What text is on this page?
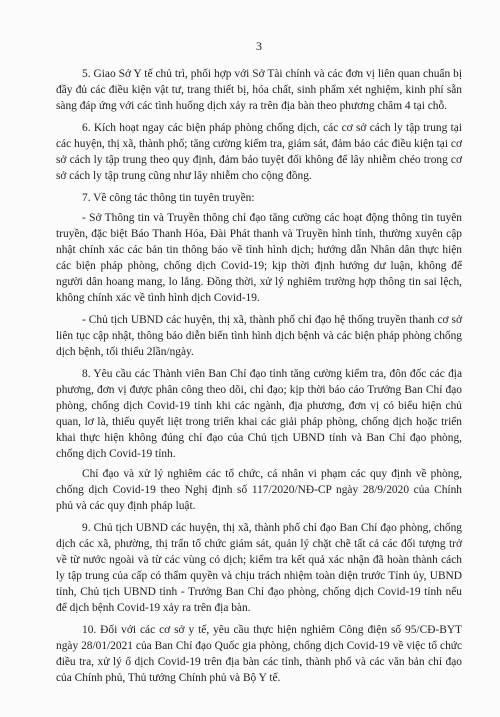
3

5. Giao Sở Y tế chủ trì, phối hợp với Sở Tài chính và các đơn vị liên quan chuẩn bị đầy đủ các điều kiện vật tư, trang thiết bị, hóa chất, sinh phẩm xét nghiệm, kinh phí sẵn sàng đáp ứng với các tình huống dịch xảy ra trên địa bàn theo phương châm 4 tại chỗ.

6. Kích hoạt ngay các biện pháp phòng chống dịch, các cơ sở cách ly tập trung tại các huyện, thị xã, thành phố; tăng cường kiểm tra, giám sát, đảm bảo các điều kiện tại cơ sở cách ly tập trung theo quy định, đảm bảo tuyệt đối không để lây nhiễm chéo trong cơ sở cách ly tập trung cũng như lây nhiễm cho cộng đồng.

7. Về công tác thông tin tuyên truyền:

- Sở Thông tin và Truyền thông chỉ đạo tăng cường các hoạt động thông tin tuyên truyền, đặc biệt Báo Thanh Hóa, Đài Phát thanh và Truyền hình tỉnh, thường xuyên cập nhật chính xác các bản tin thông báo về tình hình dịch; hướng dẫn Nhân dân thực hiện các biện pháp phòng, chống dịch Covid-19; kịp thời định hướng dư luận, không để người dân hoang mang, lo lắng. Đồng thời, xử lý nghiêm trường hợp thông tin sai lệch, không chính xác về tình hình dịch Covid-19.

- Chủ tịch UBND các huyện, thị xã, thành phố chỉ đạo hệ thống truyền thanh cơ sở liên tục cập nhật, thông báo diễn biến tình hình dịch bệnh và các biện pháp phòng chống dịch bệnh, tối thiểu 2lần/ngày.

8. Yêu cầu các Thành viên Ban Chỉ đạo tỉnh tăng cường kiểm tra, đôn đốc các địa phương, đơn vị được phân công theo dõi, chỉ đạo; kịp thời báo cáo Trưởng Ban Chỉ đạo phòng, chống dịch Covid-19 tỉnh khi các ngành, địa phương, đơn vị có biểu hiện chủ quan, lơ là, thiếu quyết liệt trong triển khai các giải pháp phòng, chống dịch hoặc triển khai thực hiện không đúng chỉ đạo của Chủ tịch UBND tỉnh và Ban Chỉ đạo phòng, chống dịch Covid-19 tỉnh.

Chỉ đạo và xử lý nghiêm các tổ chức, cá nhân vi phạm các quy định về phòng, chống dịch Covid-19 theo Nghị định số 117/2020/NĐ-CP ngày 28/9/2020 của Chính phủ và các quy định pháp luật.

9. Chủ tịch UBND các huyện, thị xã, thành phố chỉ đạo Ban Chỉ đạo phòng, chống dịch các xã, phường, thị trấn tổ chức giám sát, quản lý chặt chẽ tất cả các đối tượng trở về từ nước ngoài và từ các vùng có dịch; kiểm tra kết quả xác nhận đã hoàn thành cách ly tập trung của cấp có thẩm quyền và chịu trách nhiệm toàn diện trước Tỉnh ủy, UBND tỉnh, Chủ tịch UBND tỉnh - Trưởng Ban Chỉ đạo phòng, chống dịch Covid-19 tỉnh nếu để dịch bệnh Covid-19 xảy ra trên địa bàn.

10. Đối với các cơ sở y tế, yêu cầu thực hiện nghiêm Công điện số 95/CĐ-BYT ngày 28/01/2021 của Ban Chỉ đạo Quốc gia phòng, chống dịch Covid-19 về việc tổ chức điều tra, xử lý ổ dịch Covid-19 trên địa bàn các tỉnh, thành phố và các văn bản chỉ đạo của Chính phủ, Thủ tướng Chính phủ và Bộ Y tế.
